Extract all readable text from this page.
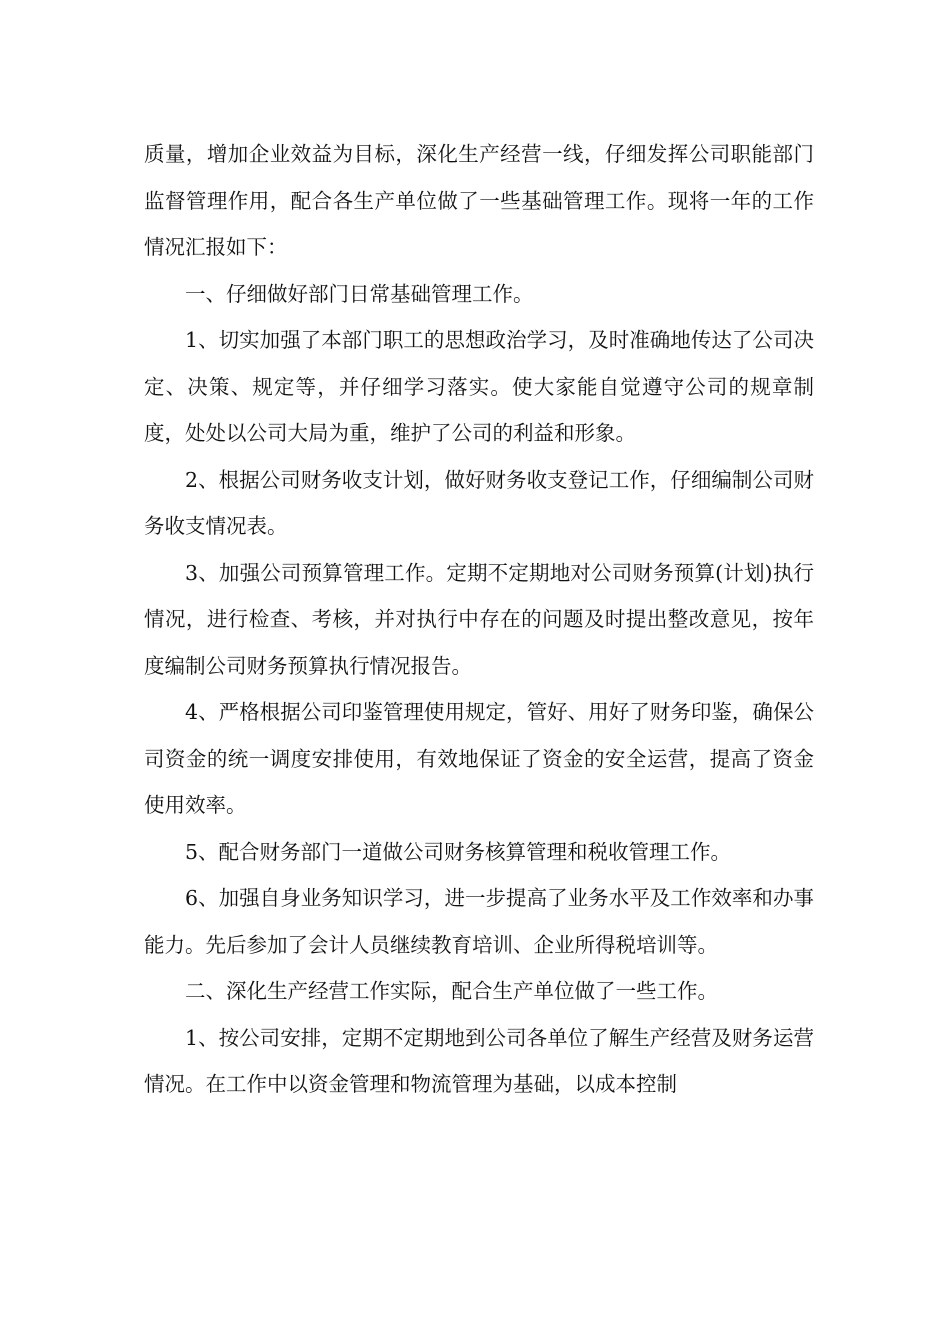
质量，增加企业效益为目标，深化生产经营一线，仔细发挥公司职能部门监督管理作用，配合各生产单位做了一些基础管理工作。现将一年的工作情况汇报如下：

一、仔细做好部门日常基础管理工作。

1、切实加强了本部门职工的思想政治学习，及时准确地传达了公司决定、决策、规定等，并仔细学习落实。使大家能自觉遵守公司的规章制度，处处以公司大局为重，维护了公司的利益和形象。

2、根据公司财务收支计划，做好财务收支登记工作，仔细编制公司财务收支情况表。

3、加强公司预算管理工作。定期不定期地对公司财务预算(计划)执行情况，进行检查、考核，并对执行中存在的问题及时提出整改意见，按年度编制公司财务预算执行情况报告。

4、严格根据公司印鉴管理使用规定，管好、用好了财务印鉴，确保公司资金的统一调度安排使用，有效地保证了资金的安全运营，提高了资金使用效率。

5、配合财务部门一道做公司财务核算管理和税收管理工作。

6、加强自身业务知识学习，进一步提高了业务水平及工作效率和办事能力。先后参加了会计人员继续教育培训、企业所得税培训等。

二、深化生产经营工作实际，配合生产单位做了一些工作。

1、按公司安排，定期不定期地到公司各单位了解生产经营及财务运营情况。在工作中以资金管理和物流管理为基础，以成本控制
